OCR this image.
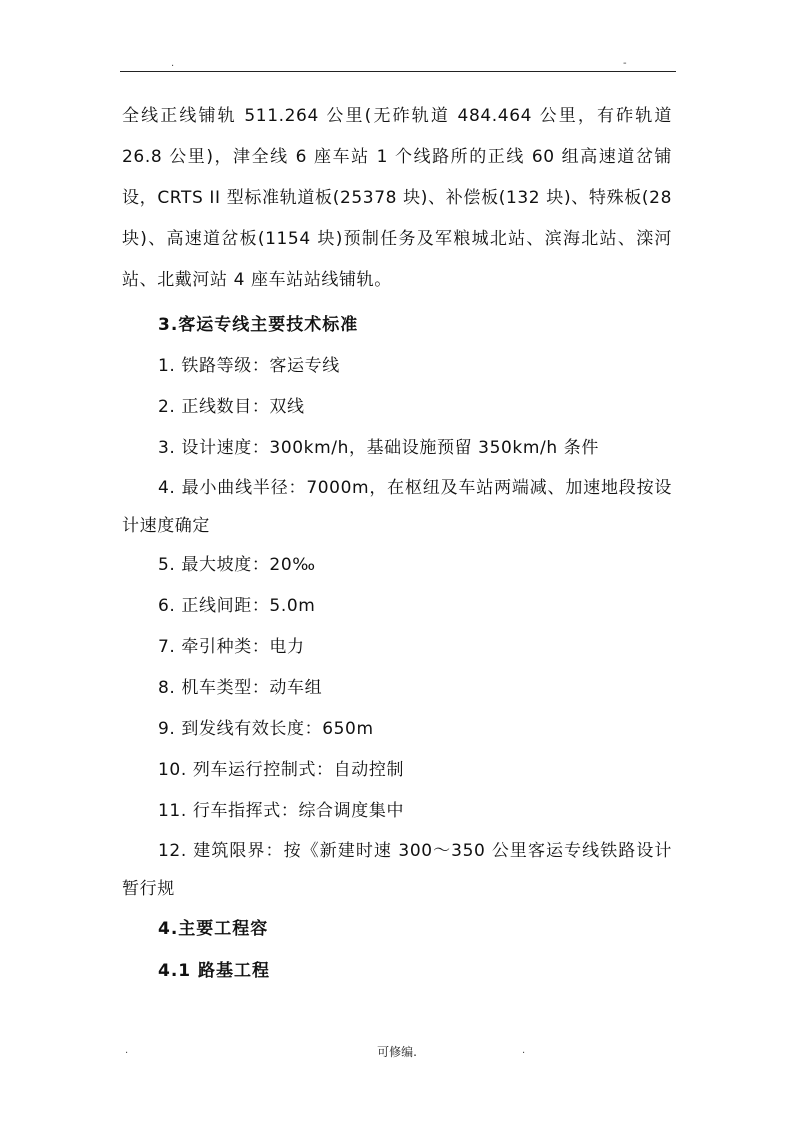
.	-

全线正线铺轨 511.264 公里(无砟轨道 484.464 公里，有砟轨道 26.8 公里)，津全线 6 座车站 1 个线路所的正线 60 组高速道岔铺设，CRTS II 型标准轨道板(25378 块)、补偿板(132 块)、特殊板(28 块)、高速道岔板(1154 块)预制任务及军粮城北站、滨海北站、滦河站、北戴河站 4 座车站站线铺轨。

3.客运专线主要技术标准

1. 铁路等级：客运专线

2. 正线数目：双线

3. 设计速度：300km/h，基础设施预留 350km/h 条件

4. 最小曲线半径：7000m，在枢纽及车站两端减、加速地段按设计速度确定

5. 最大坡度：20‰

6. 正线间距：5.0m

7. 牵引种类：电力

8. 机车类型：动车组

9. 到发线有效长度：650m

10. 列车运行控制式：自动控制

11. 行车指挥式：综合调度集中

12. 建筑限界：按《新建时速 300～350 公里客运专线铁路设计暂行规

4.主要工程容

4.1 路基工程

.	可修编.	.
